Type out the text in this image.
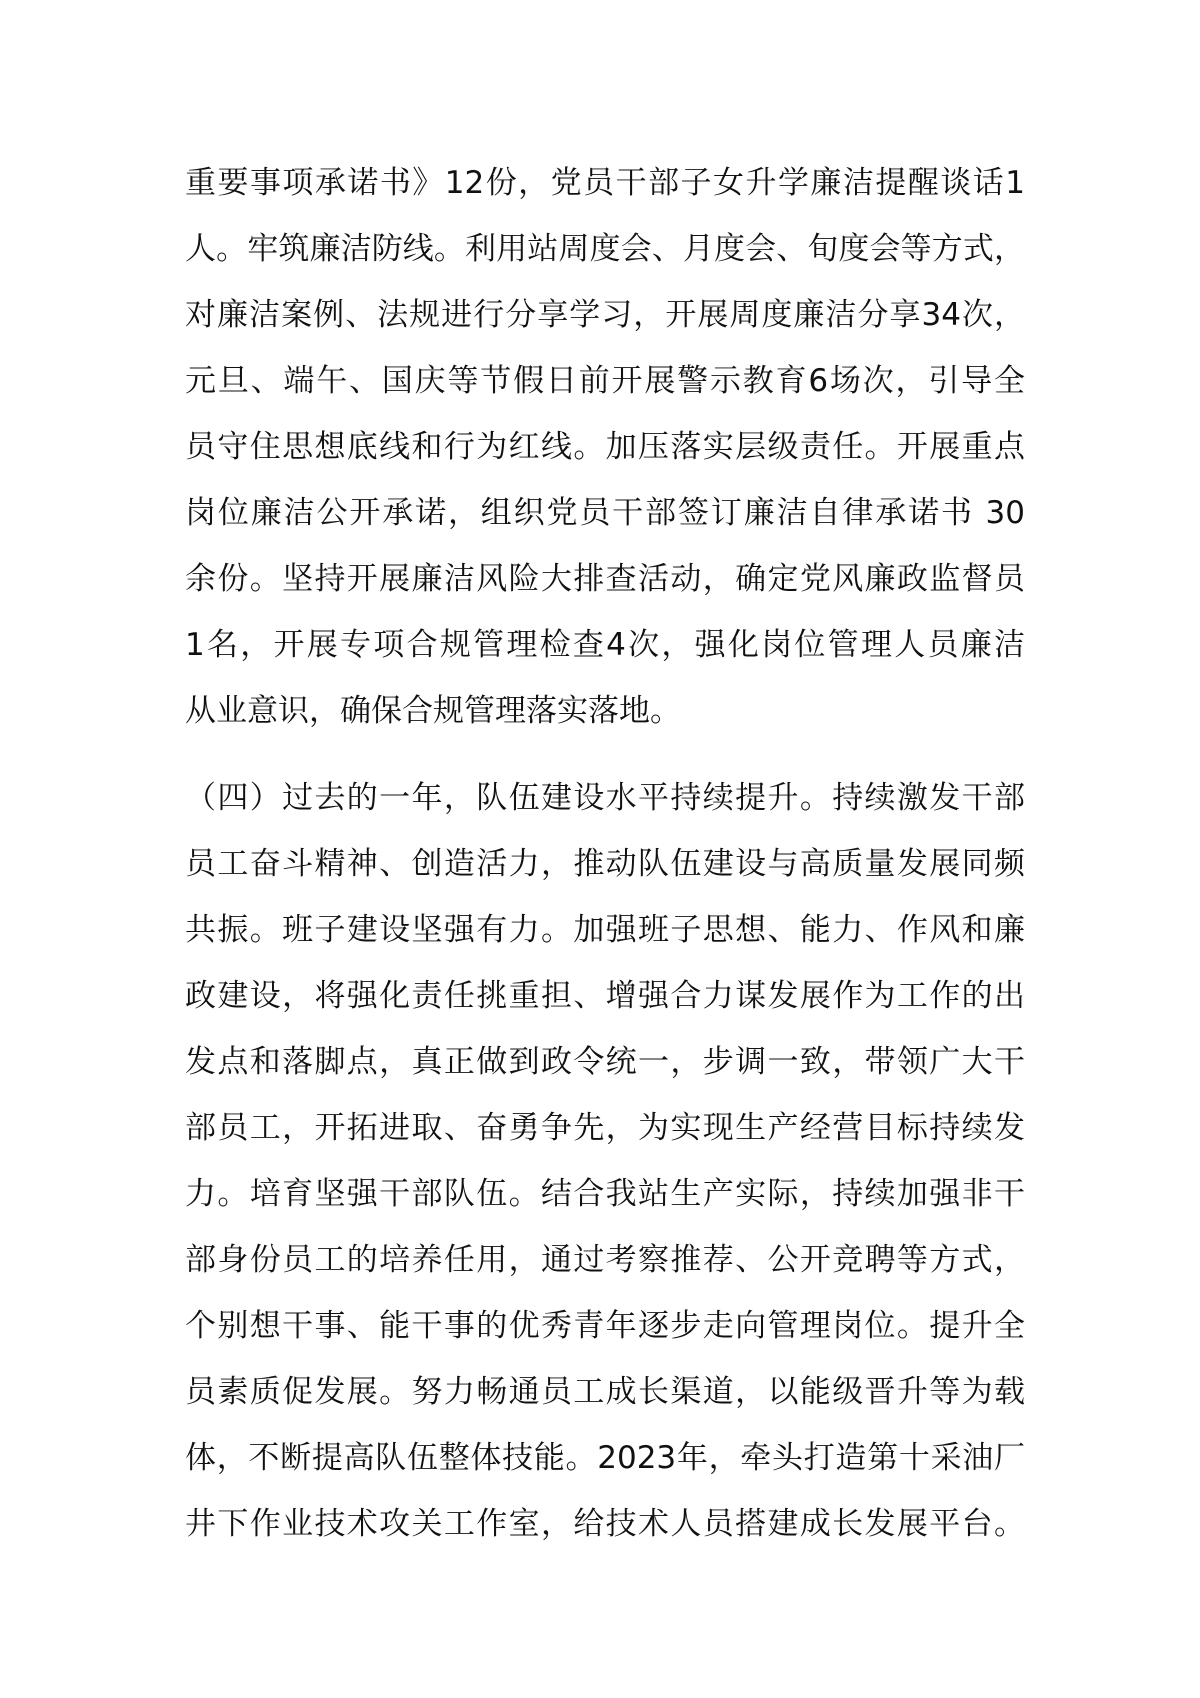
重要事项承诺书》12份，党员干部子女升学廉洁提醒谈话1
人。牢筑廉洁防线。利用站周度会、月度会、旬度会等方式，
对廉洁案例、法规进行分享学习，开展周度廉洁分享34次，
元旦、端午、国庆等节假日前开展警示教育6场次，引导全
员守住思想底线和行为红线。加压落实层级责任。开展重点
岗位廉洁公开承诺，组织党员干部签订廉洁自律承诺书 30
余份。坚持开展廉洁风险大排查活动，确定党风廉政监督员
1名，开展专项合规管理检查4次，强化岗位管理人员廉洁
从业意识，确保合规管理落实落地。
（四）过去的一年，队伍建设水平持续提升。持续激发干部
员工奋斗精神、创造活力，推动队伍建设与高质量发展同频
共振。班子建设坚强有力。加强班子思想、能力、作风和廉
政建设，将强化责任挑重担、增强合力谋发展作为工作的出
发点和落脚点，真正做到政令统一，步调一致，带领广大干
部员工，开拓进取、奋勇争先，为实现生产经营目标持续发
力。培育坚强干部队伍。结合我站生产实际，持续加强非干
部身份员工的培养任用，通过考察推荐、公开竞聘等方式，
个别想干事、能干事的优秀青年逐步走向管理岗位。提升全
员素质促发展。努力畅通员工成长渠道，以能级晋升等为载
体，不断提高队伍整体技能。2023年，牵头打造第十采油厂
井下作业技术攻关工作室，给技术人员搭建成长发展平台。
